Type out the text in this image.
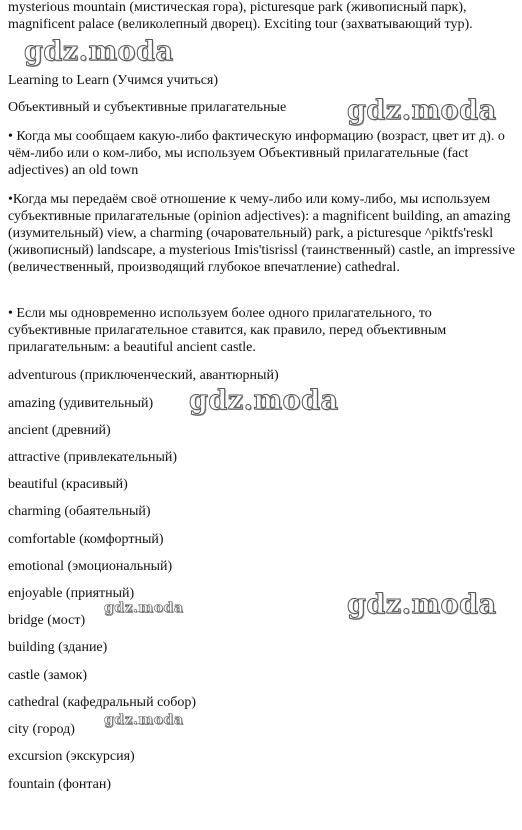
mysterious mountain (мистическая гора), picturesque park (живописный парк),

magnificent palace (великолепный дворец). Exciting tour (захватывающий тур).

gdz.moda

Learning to Learn (Учимся учиться)

Объективный и субъективные прилагательные	gdz.moda

• Когда мы сообщаем какую-либо фактическую информацию (возраст, цвет ит д). о чём-либо или о ком-либо, мы используем Объективный прилагательные (fact adjectives) an old town

•Когда мы передаём своё отношение к чему-либо или кому-либо, мы используем субъективные прилагательные (opinion adjectives): a magnificent building, an amazing (изумительный) view, a charming (очаровательный) park, a picturesque ^piktfs'reskl (живописный) landscape, a mysterious Imis'tisrissl (таинственный) castle, an impressive (величественный, производящий глубокое впечатление) cathedral.

• Если мы одновременно используем более одного прилагательного, то субъективные прилагательное ставится, как правило, перед объективным прилагательным: a beautiful ancient castle.

adventurous (приключенческий, авантюрный)

amazing (удивительный)	gdz.moda

ancient (древний)

attractive (привлекательный)

beautiful (красивый)

charming (обаятельный)

comfortable (комфортный)

emotional (эмоциональный)

enjoyable (приятный)	gdz.moda
gdz.moda

bridge (мост)

building (здание)

castle (замок)

cathedral (кафедральный собор)

gdz.moda

city (город)

excursion (экскурсия)

fountain (фонтан)
